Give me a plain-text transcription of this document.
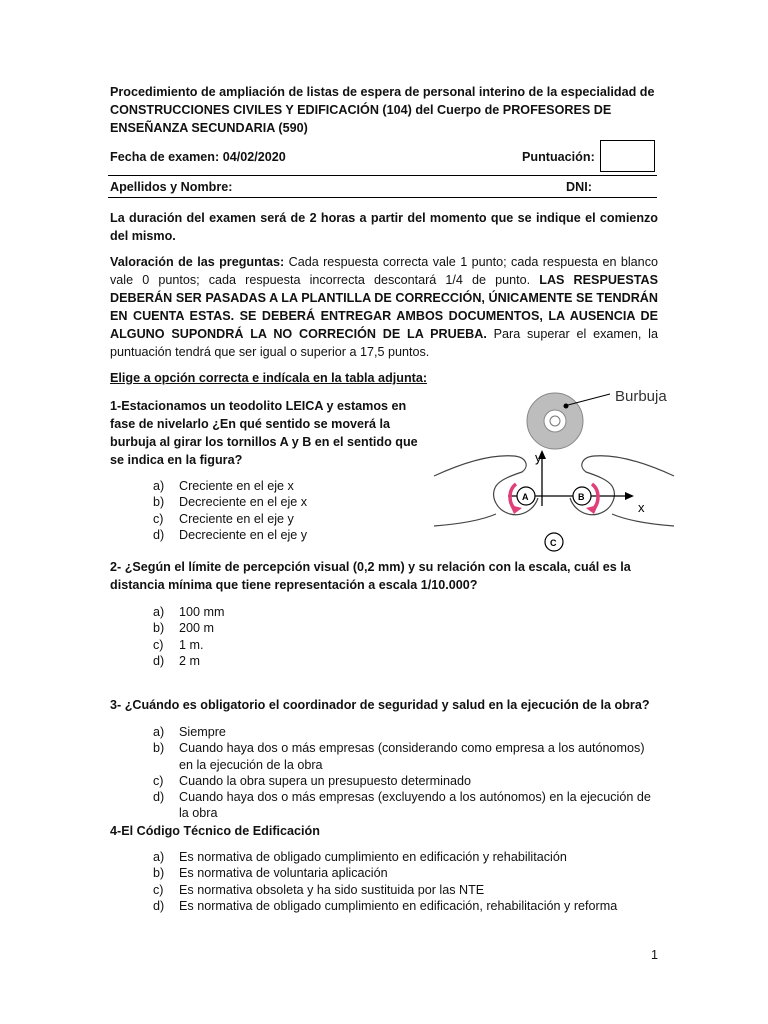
Procedimiento de ampliación de listas de espera de personal interino de la especialidad de CONSTRUCCIONES CIVILES Y EDIFICACIÓN (104) del Cuerpo de PROFESORES DE ENSEÑANZA SECUNDARIA (590)
Fecha de examen: 04/02/2020	Puntuación:
Apellidos y Nombre:	DNI:
La duración del examen será de 2 horas a partir del momento que se indique el comienzo del mismo.
Valoración de las preguntas: Cada respuesta correcta vale 1 punto; cada respuesta en blanco vale 0 puntos; cada respuesta incorrecta descontará 1/4 de punto. LAS RESPUESTAS DEBERÁN SER PASADAS A LA PLANTILLA DE CORRECCIÓN, ÚNICAMENTE SE TENDRÁN EN CUENTA ESTAS. SE DEBERÁ ENTREGAR AMBOS DOCUMENTOS, LA AUSENCIA DE ALGUNO SUPONDRÁ LA NO CORRECIÓN DE LA PRUEBA. Para superar el examen, la puntuación tendrá que ser igual o superior a 17,5 puntos.
Elige a opción correcta e indícala en la tabla adjunta:
1-Estacionamos un teodolito LEICA y estamos en fase de nivelarlo ¿En qué sentido se moverá la burbuja al girar los tornillos A y B en el sentido que se indica en la figura?
a)	Creciente en el eje x
b)	Decreciente en el eje x
c)	Creciente en el eje y
d)	Decreciente en el eje y
Burbuja
y
x
A	B
C
2- ¿Según el límite de percepción visual (0,2 mm) y su relación con la escala, cuál es la distancia mínima que tiene representación a escala 1/10.000?
a)	100 mm
b)	200 m
c)	1 m.
d)	2 m
3- ¿Cuándo es obligatorio el coordinador de seguridad y salud en la ejecución de la obra?
a)	Siempre
b)	Cuando haya dos o más empresas (considerando como empresa a los autónomos) en la ejecución de la obra
c)	Cuando la obra supera un presupuesto determinado
d)	Cuando haya dos o más empresas (excluyendo a los autónomos) en la ejecución de la obra
4-El Código Técnico de Edificación
a)	Es normativa de obligado cumplimiento en edificación y rehabilitación
b)	Es normativa de voluntaria aplicación
c)	Es normativa obsoleta y ha sido sustituida por las NTE
d)	Es normativa de obligado cumplimiento en edificación, rehabilitación y reforma
1
